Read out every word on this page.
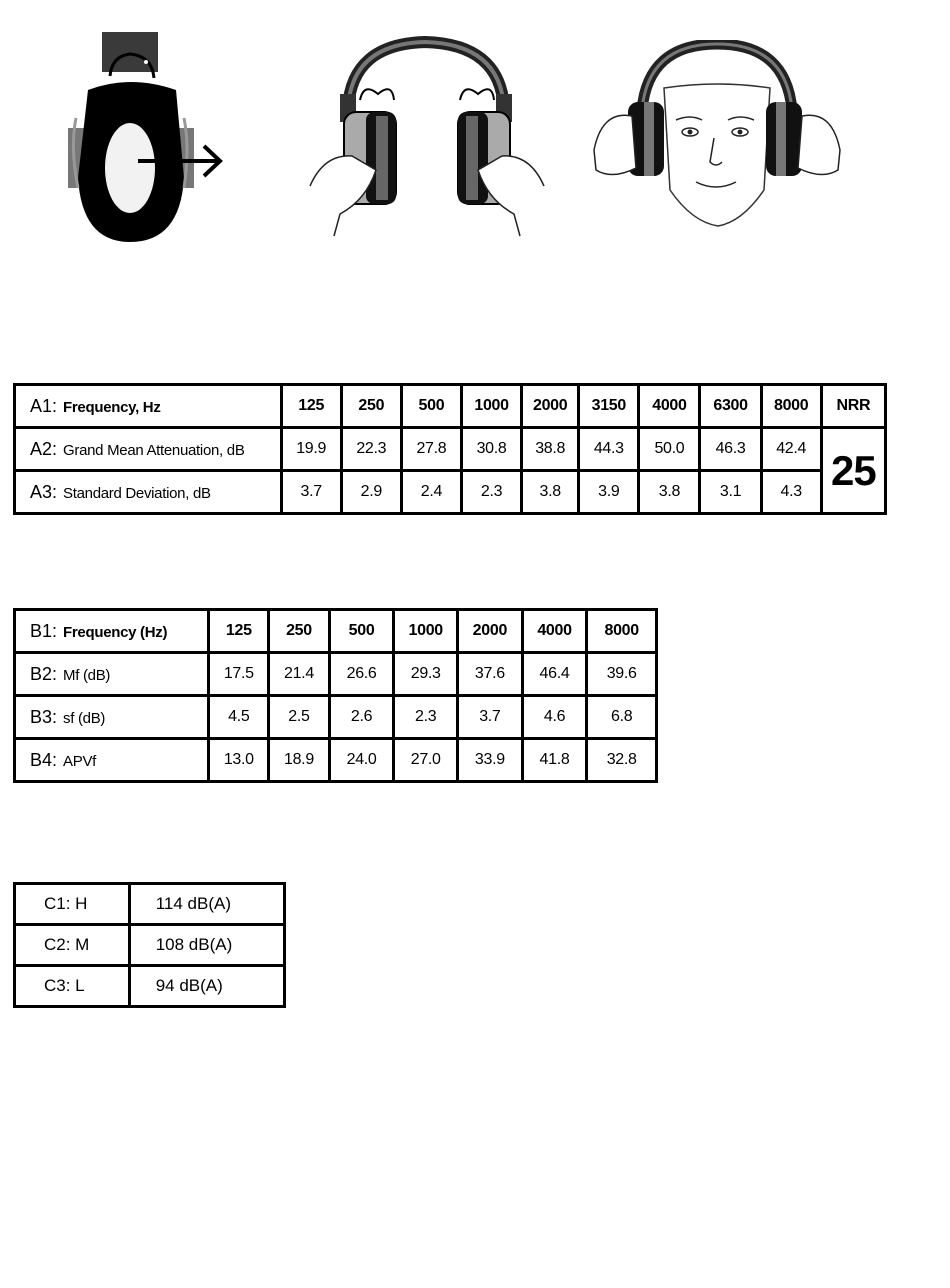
A1: Frequency, Hz	125	250	500	1000	2000	3150	4000	6300	8000	NRR
A2: Grand Mean Attenuation, dB	19.9	22.3	27.8	30.8	38.8	44.3	50.0	46.3	42.4	25
A3: Standard Deviation, dB	3.7	2.9	2.4	2.3	3.8	3.9	3.8	3.1	4.3	
B1: Frequency (Hz)	125	250	500	1000	2000	4000	8000
B2: Mf (dB)	17.5	21.4	26.6	29.3	37.6	46.4	39.6
B3: sf (dB)	4.5	2.5	2.6	2.3	3.7	4.6	6.8
B4: APVf	13.0	18.9	24.0	27.0	33.9	41.8	32.8
C1: H	114 dB(A)
C2: M	108 dB(A)
C3: L	94 dB(A)
